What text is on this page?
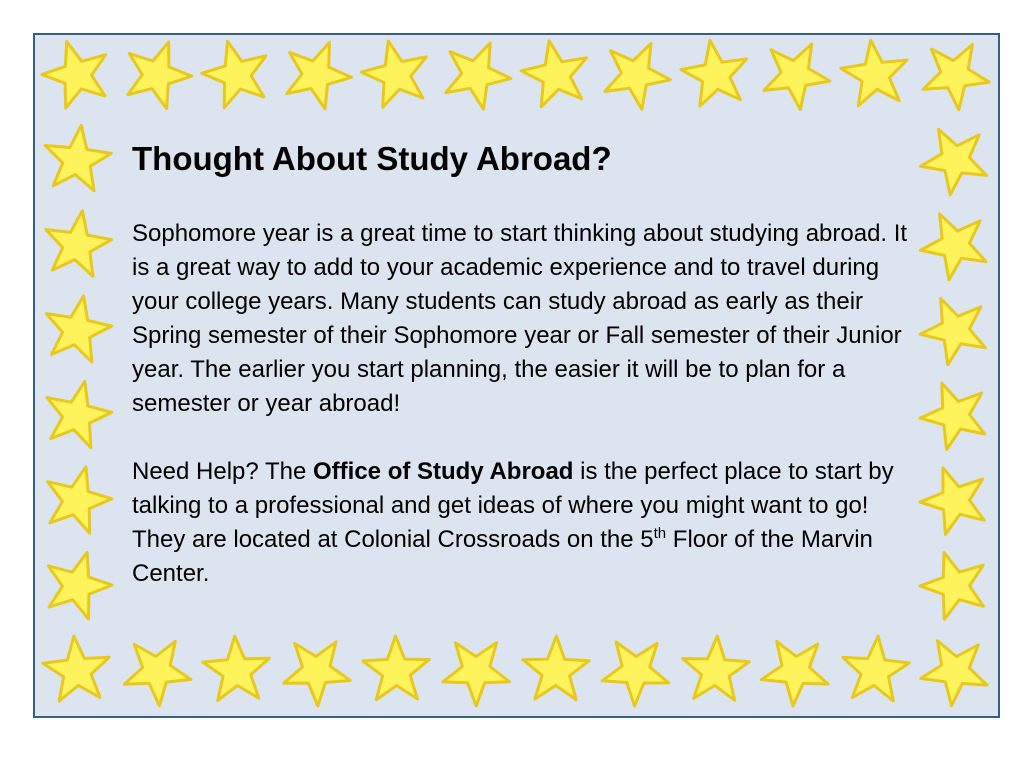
Thought About Study Abroad?

Sophomore year is a great time to start thinking about studying abroad. It is a great way to add to your academic experience and to travel during your college years. Many students can study abroad as early as their Spring semester of their Sophomore year or Fall semester of their Junior year. The earlier you start planning, the easier it will be to plan for a semester or year abroad!

Need Help? The Office of Study Abroad is the perfect place to start by talking to a professional and get ideas of where you might want to go! They are located at Colonial Crossroads on the 5th Floor of the Marvin Center.
